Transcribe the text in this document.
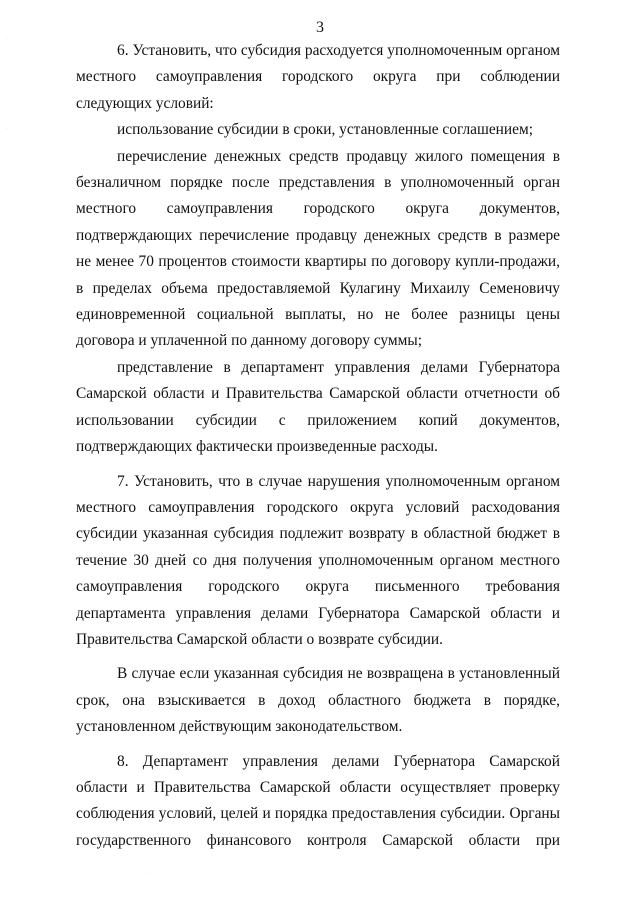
3

6. Установить, что субсидия расходуется уполномоченным органом местного самоуправления городского округа при соблюдении следующих условий:

использование субсидии в сроки, установленные соглашением;

перечисление денежных средств продавцу жилого помещения в безналичном порядке после представления в уполномоченный орган местного самоуправления городского округа документов, подтверждающих перечисление продавцу денежных средств в размере не менее 70 процентов стоимости квартиры по договору купли-продажи, в пределах объема предоставляемой Кулагину Михаилу Семеновичу единовременной социальной выплаты, но не более разницы цены договора и уплаченной по данному договору суммы;

представление в департамент управления делами Губернатора Самарской области и Правительства Самарской области отчетности об использовании субсидии с приложением копий документов, подтверждающих фактически произведенные расходы.

7. Установить, что в случае нарушения уполномоченным органом местного самоуправления городского округа условий расходования субсидии указанная субсидия подлежит возврату в областной бюджет в течение 30 дней со дня получения уполномоченным органом местного самоуправления городского округа письменного требования департамента управления делами Губернатора Самарской области и Правительства Самарской области о возврате субсидии.

В случае если указанная субсидия не возвращена в установленный срок, она взыскивается в доход областного бюджета в порядке, установленном действующим законодательством.

8. Департамент управления делами Губернатора Самарской области и Правительства Самарской области осуществляет проверку соблюдения условий, целей и порядка предоставления субсидии. Органы государственного финансового контроля Самарской области при

˙
˙
˙
